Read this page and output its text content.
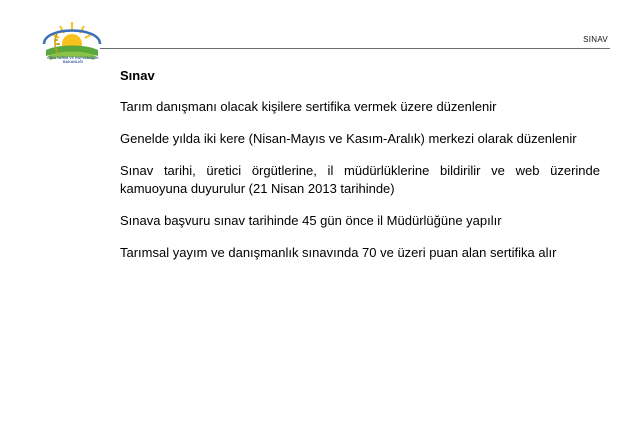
GIDA TARIM VE HAYVANCILIK BAKANLIĞI
SINAV
Sınav

Tarım danışmanı olacak kişilere sertifika vermek üzere düzenlenir

Genelde yılda iki kere (Nisan-Mayıs ve Kasım-Aralık) merkezi olarak düzenlenir

Sınav tarihi, üretici örgütlerine, il müdürlüklerine bildirilir ve web üzerinde kamuoyuna duyurulur (21 Nisan 2013 tarihinde)

Sınava başvuru sınav tarihinde 45 gün önce il Müdürlüğüne yapılır

Tarımsal yayım ve danışmanlık sınavında 70 ve üzeri puan alan sertifika alır
